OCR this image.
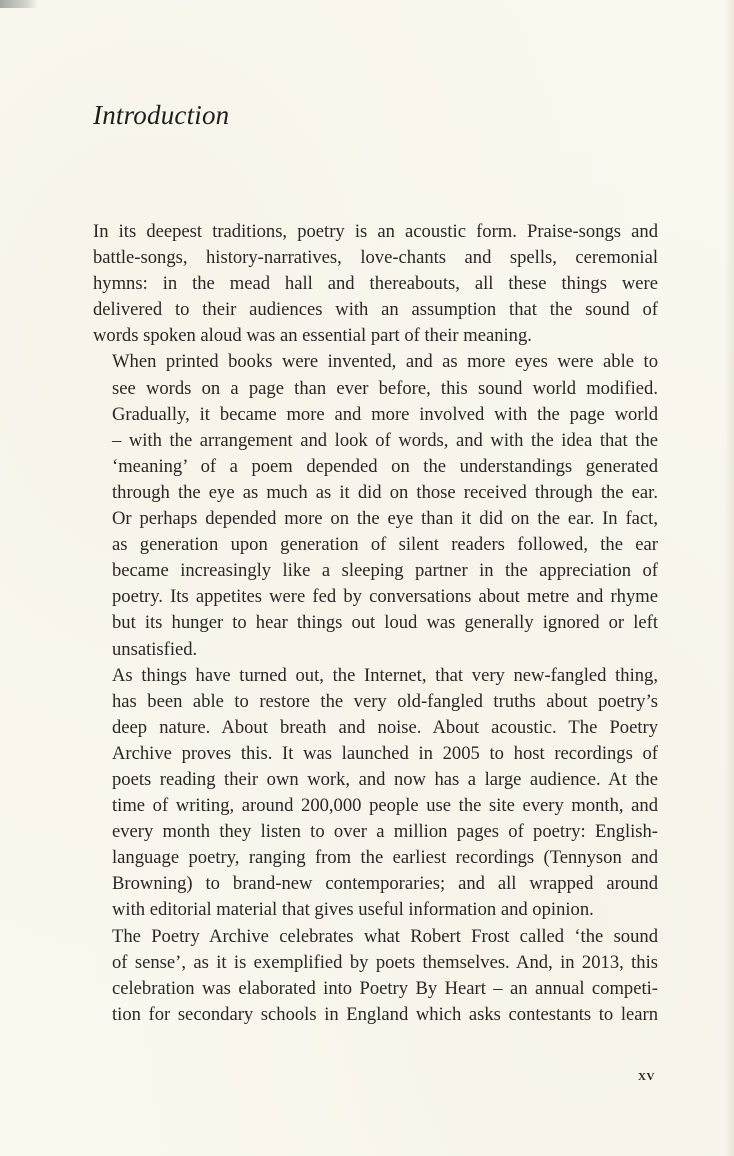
Introduction

In its deepest traditions, poetry is an acoustic form. Praise-songs and
battle-songs, history-narratives, love-chants and spells, ceremonial
hymns: in the mead hall and thereabouts, all these things were
delivered to their audiences with an assumption that the sound of
words spoken aloud was an essential part of their meaning.

When printed books were invented, and as more eyes were able to
see words on a page than ever before, this sound world modified.
Gradually, it became more and more involved with the page world
– with the arrangement and look of words, and with the idea that the
‘meaning’ of a poem depended on the understandings generated
through the eye as much as it did on those received through the ear.
Or perhaps depended more on the eye than it did on the ear. In fact,
as generation upon generation of silent readers followed, the ear
became increasingly like a sleeping partner in the appreciation of
poetry. Its appetites were fed by conversations about metre and rhyme
but its hunger to hear things out loud was generally ignored or left
unsatisfied.

As things have turned out, the Internet, that very new-fangled thing,
has been able to restore the very old-fangled truths about poetry’s
deep nature. About breath and noise. About acoustic. The Poetry
Archive proves this. It was launched in 2005 to host recordings of
poets reading their own work, and now has a large audience. At the
time of writing, around 200,000 people use the site every month, and
every month they listen to over a million pages of poetry: English-
language poetry, ranging from the earliest recordings (Tennyson and
Browning) to brand-new contemporaries; and all wrapped around
with editorial material that gives useful information and opinion.

The Poetry Archive celebrates what Robert Frost called ‘the sound
of sense’, as it is exemplified by poets themselves. And, in 2013, this
celebration was elaborated into Poetry By Heart – an annual competi-
tion for secondary schools in England which asks contestants to learn

xv
